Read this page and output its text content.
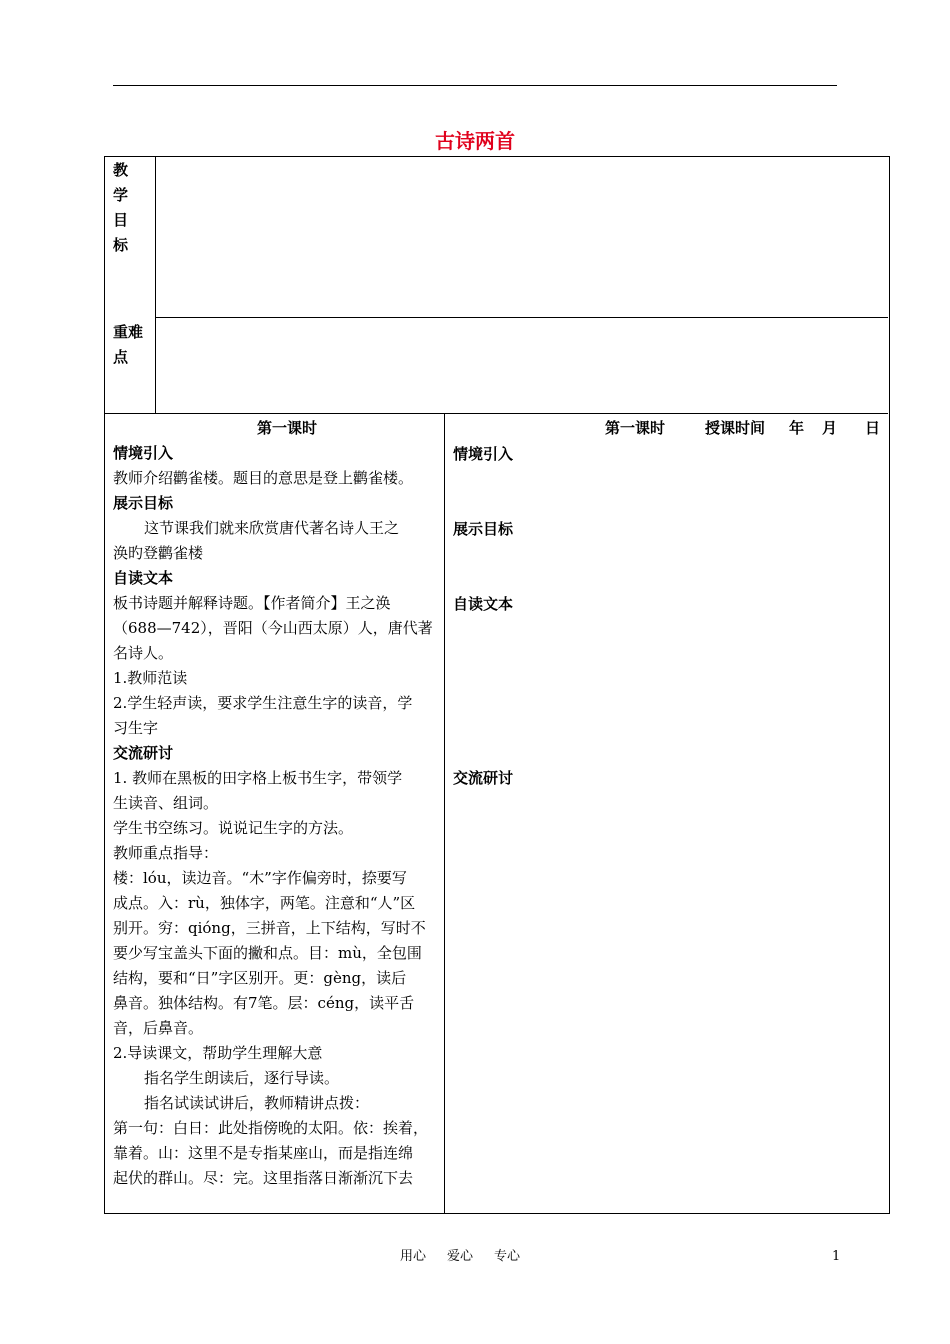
古诗两首
教
学
目
标
重难
点
第一课时

情境引入

教师介绍鹳雀楼。题目的意思是登上鹳雀楼。

展示目标

这节课我们就来欣赏唐代著名诗人王之

涣旳登鹳雀楼

自读文本

板书诗题并解释诗题。【作者简介】王之涣

（688—742），晋阳（今山西太原）人，唐代著

名诗人。

1.教师范读

2.学生轻声读，要求学生注意生字的读音，学

习生字

交流研讨

1. 教师在黑板的田字格上板书生字，带领学

生读音、组词。

学生书空练习。说说记生字的方法。

教师重点指导：

楼：lóu，读边音。“木”字作偏旁时，捺要写

成点。入：rù，独体字，两笔。注意和“人”区

别开。穷：qióng，三拼音，上下结构，写时不

要少写宝盖头下面的撇和点。目：mù，全包围

结构，要和“日”字区别开。更：gèng，读后

鼻音。独体结构。有7笔。层：céng，读平舌

音，后鼻音。

2.导读课文，帮助学生理解大意

指名学生朗读后，逐行导读。

指名试读试讲后，教师精讲点拨：

第一句：白日：此处指傍晚的太阳。依：挨着，

靠着。山：这里不是专指某座山，而是指连绵

起伏的群山。尽：完。这里指落日渐渐沉下去

第一课时	授课时间 年 月 日
情境引入
展示目标
自读文本
交流研讨
用心 爱心 专心	1
